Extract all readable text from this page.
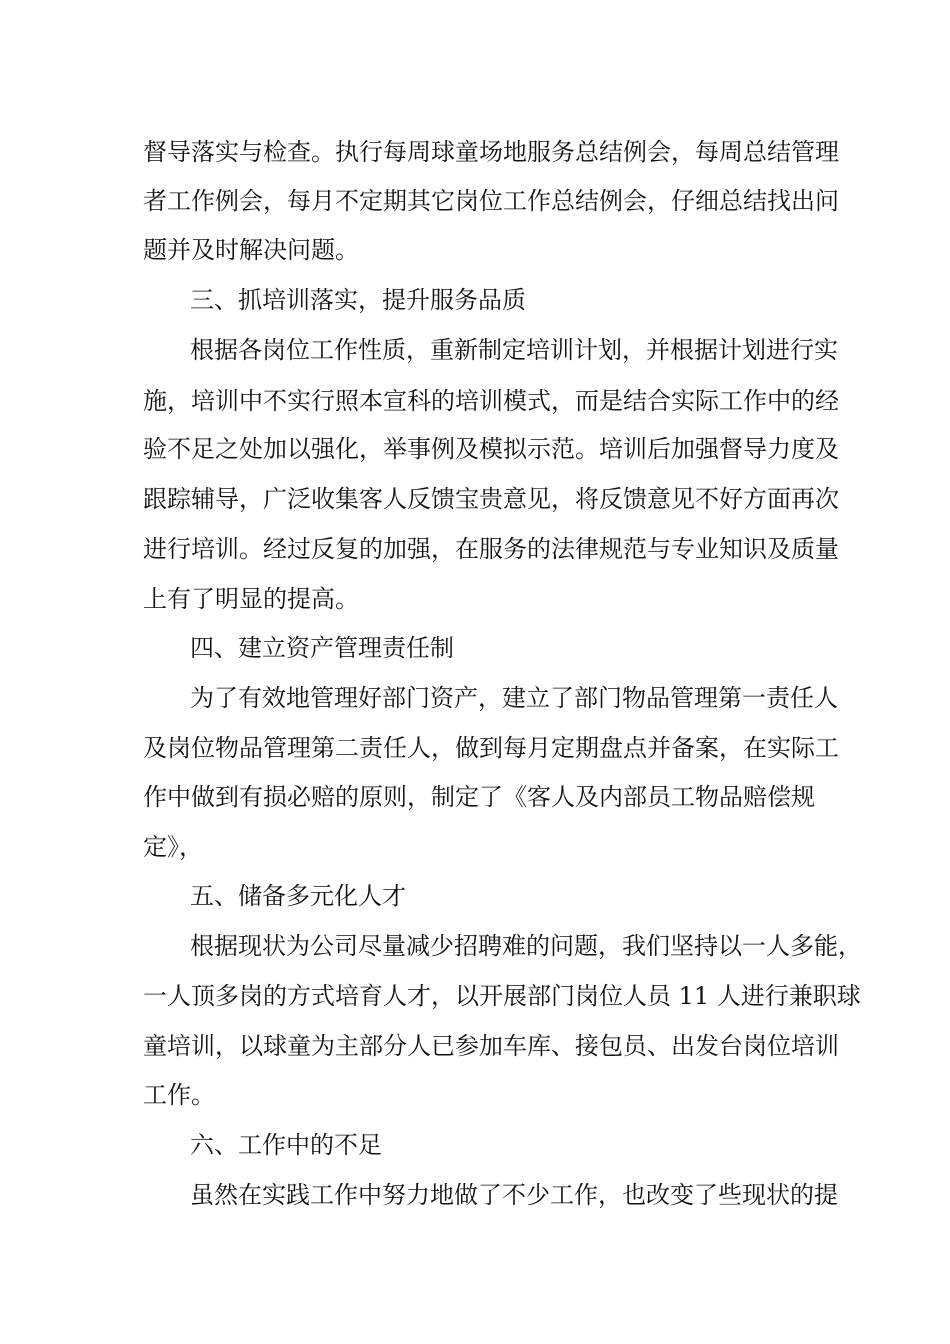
督导落实与检查。执行每周球童场地服务总结例会，每周总结管理
者工作例会，每月不定期其它岗位工作总结例会，仔细总结找出问
题并及时解决问题。
三、抓培训落实，提升服务品质
根据各岗位工作性质，重新制定培训计划，并根据计划进行实
施，培训中不实行照本宣科的培训模式，而是结合实际工作中的经
验不足之处加以强化，举事例及模拟示范。培训后加强督导力度及
跟踪辅导，广泛收集客人反馈宝贵意见，将反馈意见不好方面再次
进行培训。经过反复的加强，在服务的法律规范与专业知识及质量
上有了明显的提高。
四、建立资产管理责任制
为了有效地管理好部门资产，建立了部门物品管理第一责任人
及岗位物品管理第二责任人，做到每月定期盘点并备案，在实际工
作中做到有损必赔的原则，制定了《客人及内部员工物品赔偿规
定》，
五、储备多元化人才
根据现状为公司尽量减少招聘难的问题，我们坚持以一人多能，
一人顶多岗的方式培育人才，以开展部门岗位人员 11 人进行兼职球
童培训，以球童为主部分人已参加车库、接包员、出发台岗位培训
工作。
六、工作中的不足
虽然在实践工作中努力地做了不少工作，也改变了些现状的提
